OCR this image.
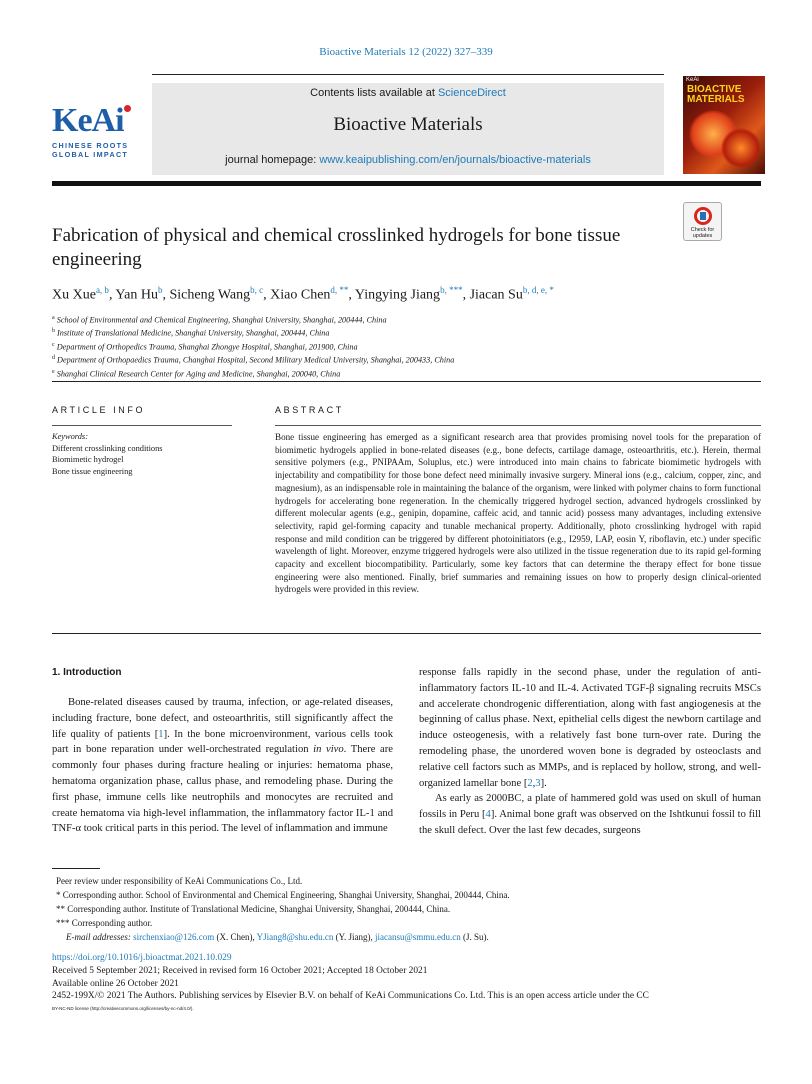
Bioactive Materials 12 (2022) 327–339
KeAi
CHINESE ROOTS
GLOBAL IMPACT
Contents lists available at ScienceDirect
Bioactive Materials
journal homepage: www.keaipublishing.com/en/journals/bioactive-materials
KeAi
BIOACTIVE
MATERIALS
Check for
updates
Fabrication of physical and chemical crosslinked hydrogels for bone tissue engineering
Xu Xue$^{a, b}$, Yan Hu$^b$, Sicheng Wang$^{b, c}$, Xiao Chen$^{d, **}$, Yingying Jiang$^{b, ***}$, Jiacan $Su^{b, d, e, *}$
$^a$ School of Environmental and Chemical Engineering, Shanghai University, Shanghai, 200444, China
$^b$ Institute of Translational Medicine, Shanghai University, Shanghai, 200444, China
$^c$ Department of Orthopedics Trauma, Shanghai Zhongye Hospital, Shanghai, 201900, China
$^d$ Department of Orthopaedics Trauma, Changhai Hospital, Second Military Medical University, Shanghai, 200433, China
$^e$ Shanghai Clinical Research Center for Aging and Medicine, Shanghai, 200040, China
ARTICLE INFO
Keywords:
Different crosslinking conditions
Biomimetic hydrogel
Bone tissue engineering
ABSTRACT
Bone tissue engineering has emerged as a significant research area that provides promising novel tools for the preparation of biomimetic hydrogels applied in bone-related diseases (e.g., bone defects, cartilage damage, osteoarthritis, etc.). Herein, thermal sensitive polymers (e.g., PNIPAAm, Soluplus, etc.) were introduced into main chains to fabricate biomimetic hydrogels with injectability and compatibility for those bone defect need minimally invasive surgery. Mineral ions (e.g., calcium, copper, zinc, and magnesium), as an indispensable role in maintaining the balance of the organism, were linked with polymer chains to form functional hydrogels for accelerating bone regeneration. In the chemically triggered hydrogel section, advanced hydrogels crosslinked by different molecular agents (e.g., genipin, dopamine, caffeic acid, and tannic acid) possess many advantages, including extensive selectivity, rapid gel-forming capacity and tunable mechanical property. Additionally, photo crosslinking hydrogel with rapid response and mild condition can be triggered by different photoinitiators (e.g., I2959, LAP, eosin Y, riboflavin, etc.) under specific wavelength of light. Moreover, enzyme triggered hydrogels were also utilized in the tissue regeneration due to its rapid gel-forming capacity and excellent biocompatibility. Particularly, some key factors that can determine the therapy effect for bone tissue engineering were also mentioned. Finally, brief summaries and remaining issues on how to properly design clinical-oriented hydrogels were provided in this review.
1. Introduction

Bone-related diseases caused by trauma, infection, or age-related diseases, including fracture, bone defect, and osteoarthritis, still significantly affect the life quality of patients [1]. In the bone microenvironment, various cells took part in bone reparation under well-orchestrated regulation in vivo. There are commonly four phases during fracture healing or injuries: hematoma phase, hematoma organization phase, callus phase, and remodeling phase. During the first phase, immune cells like neutrophils and monocytes are recruited and create hematoma via high-level inflammation, the inflammatory factor IL-1 and TNF-α took critical parts in this period. The level of inflammation and immune

response falls rapidly in the second phase, under the regulation of anti-inflammatory factors IL-10 and IL-4. Activated TGF-β signaling recruits MSCs and accelerate chondrogenic differentiation, along with fast angiogenesis at the beginning of callus phase. Next, epithelial cells digest the newborn cartilage and induce osteogenesis, with a relatively fast bone turn-over rate. During the remodeling phase, the unordered woven bone is degraded by osteoclasts and relative cell factors such as MMPs, and is replaced by hollow, strong, and well-organized lamellar bone [2,3].

As early as 2000BC, a plate of hammered gold was used on skull of human fossils in Peru [4]. Animal bone graft was observed on the Ishtkunui fossil to fill the skull defect. Over the last few decades, surgeons

Peer review under responsibility of KeAi Communications Co., Ltd.
* Corresponding author. School of Environmental and Chemical Engineering, Shanghai University, Shanghai, 200444, China.
** Corresponding author. Institute of Translational Medicine, Shanghai University, Shanghai, 200444, China.
*** Corresponding author.
E-mail addresses: sirchenxiao@126.com (X. Chen), YJiang8@shu.edu.cn (Y. Jiang), jiacansu@smmu.edu.cn (J. Su).
https://doi.org/10.1016/j.bioactmat.2021.10.029
Received 5 September 2021; Received in revised form 16 October 2021; Accepted 18 October 2021
Available online 26 October 2021
2452-199X/© 2021 The Authors. Publishing services by Elsevier B.V. on behalf of KeAi Communications Co. Ltd. This is an open access article under the CC
BY-NC-ND license (http://creativecommons.org/licenses/by-nc-nd/4.0/).
